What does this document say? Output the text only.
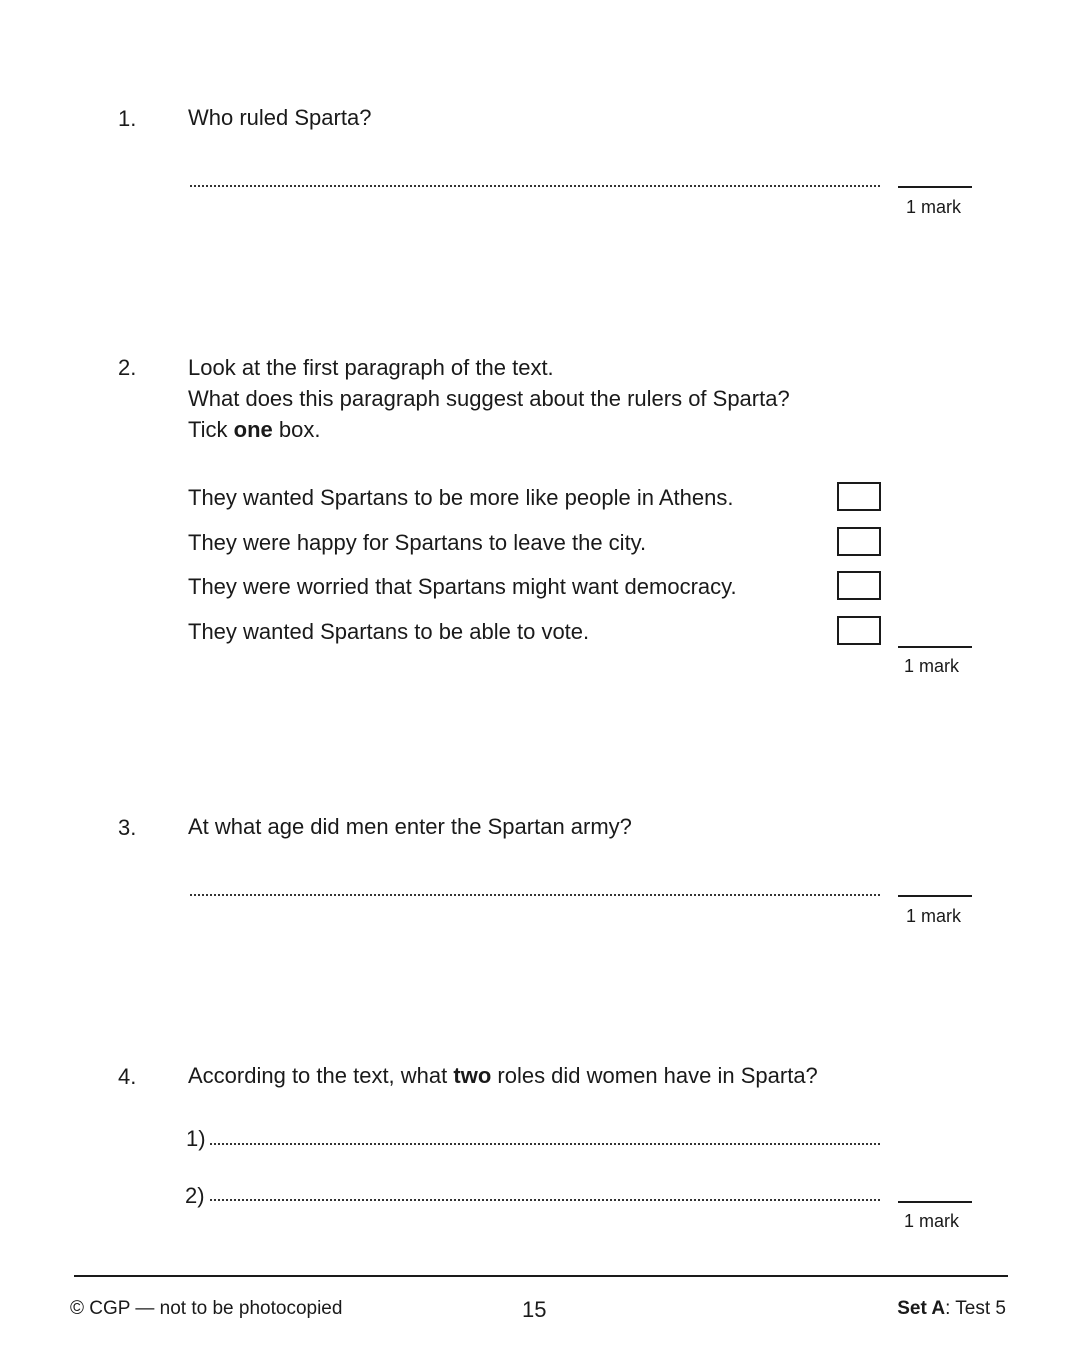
1. Who ruled Sparta?
1 mark
2. Look at the first paragraph of the text.
What does this paragraph suggest about the rulers of Sparta?
Tick one box.
They wanted Spartans to be more like people in Athens.
They were happy for Spartans to leave the city.
They were worried that Spartans might want democracy.
They wanted Spartans to be able to vote.
1 mark
3. At what age did men enter the Spartan army?
1 mark
4. According to the text, what two roles did women have in Sparta?
1)
2)
1 mark
© CGP — not to be photocopied	15	Set A: Test 5
